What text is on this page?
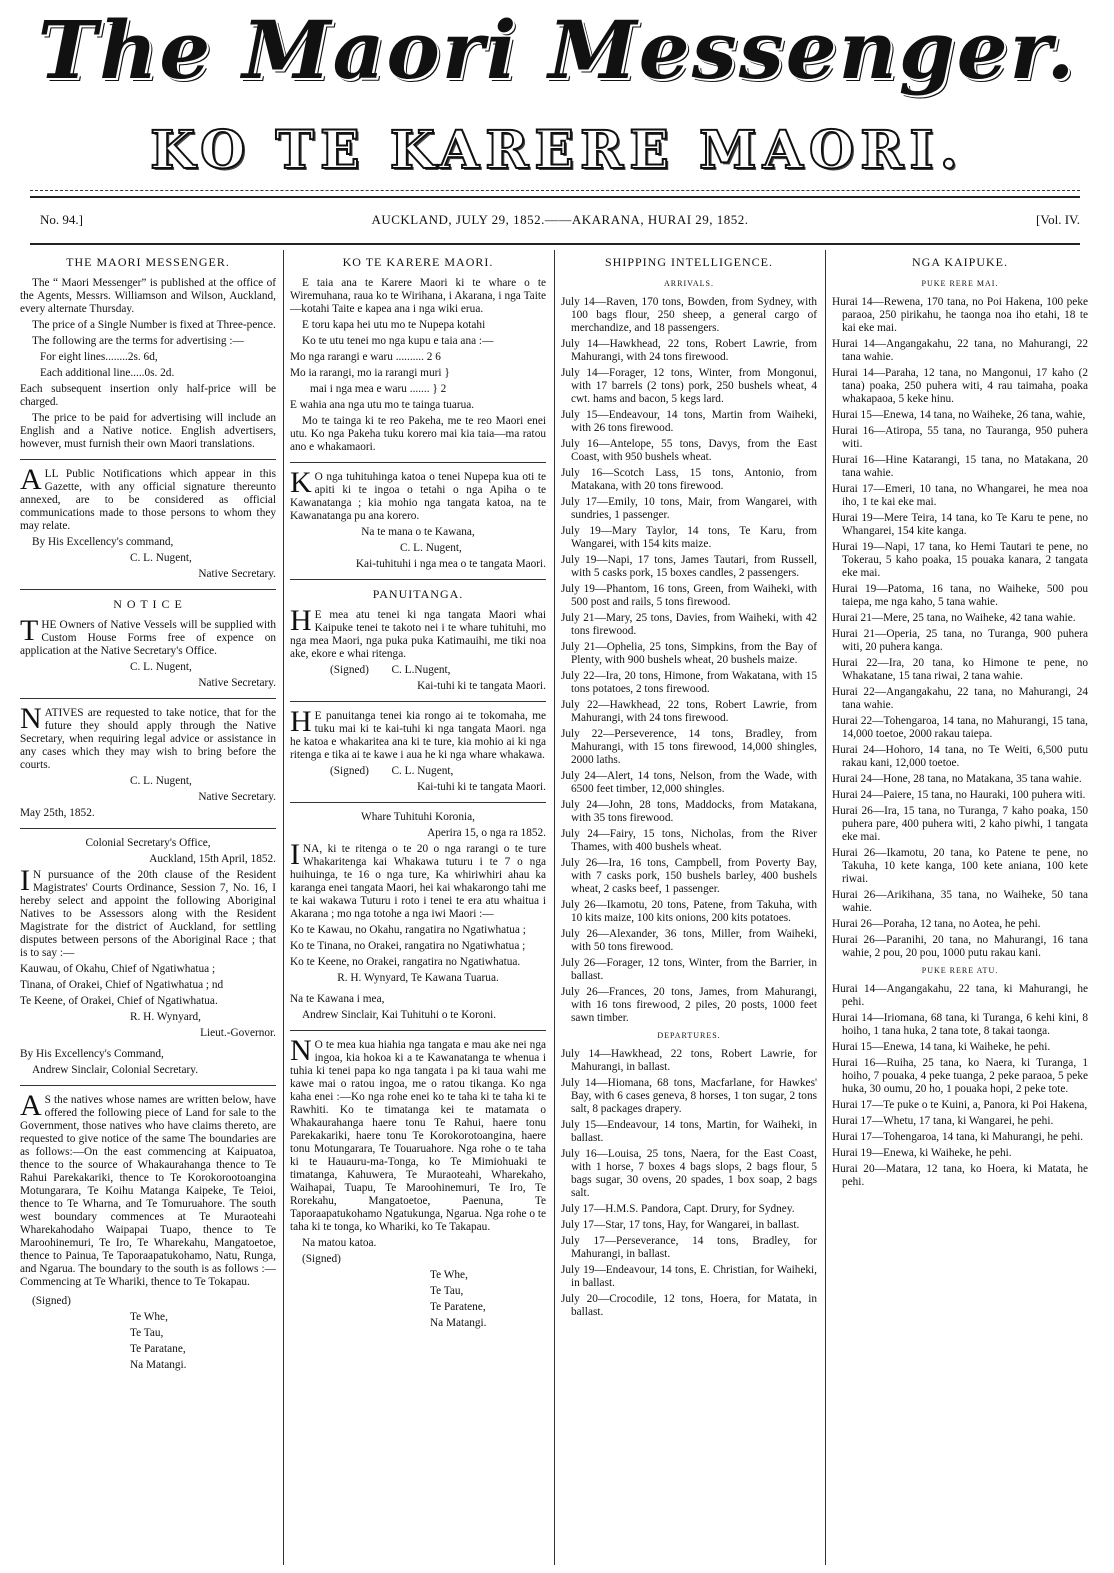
The Maori Messenger.
KO TE KARERE MAORI.
No. 94.]	AUCKLAND, JULY 29, 1852.——AKARANA, HURAI 29, 1852.	[Vol. IV.
THE MAORI MESSENGER.

The “ Maori Messenger” is published at the office of the Agents, Messrs. Williamson and Wilson, Auckland, every alternate Thursday.

The price of a Single Number is fixed at Three-pence.

The following are the terms for advertising :—

For eight lines........2s. 6d,

Each additional line.....0s. 2d.

Each subsequent insertion only half-price will be charged.

The price to be paid for advertising will include an English and a Native notice. English advertisers, however, must furnish their own Maori translations.

ALL Public Notifications which appear in this Gazette, with any official signature thereunto annexed, are to be considered as official communications made to those persons to whom they may relate.

By His Excellency's command,

C. L. Nugent,

Native Secretary.

N O T I C E

THE Owners of Native Vessels will be supplied with Custom House Forms free of expence on application at the Native Secretary's Office.

C. L. Nugent,

Native Secretary.

NATIVES are requested to take notice, that for the future they should apply through the Native Secretary, when requiring legal advice or assistance in any cases which they may wish to bring before the courts.

C. L. Nugent,

Native Secretary.

May 25th, 1852.

Colonial Secretary's Office,

Auckland, 15th April, 1852.

I N pursuance of the 20th clause of the Resident Magistrates' Courts Ordinance, Session 7, No. 16, I hereby select and appoint the following Aboriginal Natives to be Assessors along with the Resident Magistrate for the district of Auckland, for settling disputes between persons of the Aboriginal Race ; that is to say :—

Kauwau, of Okahu, Chief of Ngatiwhatua ;

Tinana, of Orakei, Chief of Ngatiwhatua ; nd

Te Keene, of Orakei, Chief of Ngatiwhatua.

R. H. Wynyard,

Lieut.-Governor.

By His Excellency's Command,

Andrew Sinclair, Colonial Secretary.

A S the natives whose names are written below, have offered the following piece of Land for sale to the Government, those natives who have claims thereto, are requested to give notice of the same The boundaries are as follows:—On the east commencing at Kaipuatoa, thence to the source of Whakaurahanga thence to Te Rahui Parekakariki, thence to Te Korokorootoangina Motungarara, Te Koihu Matanga Kaipeke, Te Teioi, thence to Te Wharna, and Te Tomuruahore. The south west boundary commences at Te Muraoteahi Wharekahodaho Waipapai Tuapo, thence to Te Maroohinemuri, Te Iro, Te Wharekahu, Mangatoetoe, thence to Painua, Te Taporaapatukohamo, Natu, Runga, and Ngarua. The boundary to the south is as follows :—Commencing at Te Whariki, thence to Te Tokapau.

(Signed)

Te Whe,

Te Tau,

Te Paratane,

Na Matangi.

KO TE KARERE MAORI.

E taia ana te Karere Maori ki te whare o te Wiremuhana, raua ko te Wirihana, i Akarana, i nga Taite—kotahi Taite e kapea ana i nga wiki erua.

E toru kapa hei utu mo te Nupepa kotahi

Ko te utu tenei mo nga kupu e taia ana :—

Mo nga rarangi e waru .......... 2 6

Mo ia rarangi, mo ia rarangi muri }

mai i nga mea e waru ....... } 2

E wahia ana nga utu mo te tainga tuarua.

Mo te tainga ki te reo Pakeha, me te reo Maori enei utu. Ko nga Pakeha tuku korero mai kia taia—ma ratou ano e whakamaori.

K O nga tuhituhinga katoa o tenei Nupepa kua oti te apiti ki te ingoa o tetahi o nga Apiha o te Kawanatanga ; kia mohio nga tangata katoa, na te Kawanatanga pu ana korero.

Na te mana o te Kawana,

C. L. Nugent,

Kai-tuhituhi i nga mea o te tangata Maori.

PANUITANGA.

H E mea atu tenei ki nga tangata Maori whai Kaipuke tenei te takoto nei i te whare tuhituhi, mo nga mea Maori, nga puka puka Katimauihi, me tiki noa ake, ekore e whai ritenga.

(Signed) C. L.Nugent,

Kai-tuhi ki te tangata Maori.

H E panuitanga tenei kia rongo ai te tokomaha, me tuku mai ki te kai-tuhi ki nga tangata Maori. nga he katoa e whakaritea ana ki te ture, kia mohio ai ki nga ritenga e tika ai te kawe i aua he ki nga whare whakawa.

(Signed) C. L. Nugent,

Kai-tuhi ki te tangata Maori.

Whare Tuhituhi Koronia,

Aperira 15, o nga ra 1852.

INA, ki te ritenga o te 20 o nga rarangi o te ture Whakaritenga kai Whakawa tuturu i te 7 o nga huihuinga, te 16 o nga ture, Ka whiriwhiri ahau ka karanga enei tangata Maori, hei kai whakarongo tahi me te kai wakawa Tuturu i roto i tenei te era atu whaitua i Akarana ; mo nga totohe a nga iwi Maori :—

Ko te Kawau, no Okahu, rangatira no Ngatiwhatua ;

Ko te Tinana, no Orakei, rangatira no Ngatiwhatua ;

Ko te Keene, no Orakei, rangatira no Ngatiwhatua.

R. H. Wynyard, Te Kawana Tuarua.

Na te Kawana i mea,

Andrew Sinclair, Kai Tuhituhi o te Koroni.

N O te mea kua hiahia nga tangata e mau ake nei nga ingoa, kia hokoa ki a te Kawanatanga te whenua i tuhia ki tenei papa ko nga tangata i pa ki taua wahi me kawe mai o ratou ingoa, me o ratou tikanga. Ko nga kaha enei :—Ko nga rohe enei ko te taha ki te taha ki te Rawhiti. Ko te timatanga kei te matamata o Whakaurahanga haere tonu Te Rahui, haere tonu Parekakariki, haere tonu Te Korokorotoangina, haere tonu Motungarara, Te Touaruahore. Nga rohe o te taha ki te Hauauru-ma-Tonga, ko Te Mimiohuaki te timatanga, Kahuwera, Te Muraoteahi, Wharekaho, Waihapai, Tuapu, Te Maroohinemuri, Te Iro, Te Rorekahu, Mangatoetoe, Paenuna, Te Taporaapatukohamo Ngatukunga, Ngarua. Nga rohe o te taha ki te tonga, ko Whariki, ko Te Takapau.

Na matou katoa.

(Signed)

Te Whe,

Te Tau,

Te Paratene,

Na Matangi.

SHIPPING INTELLIGENCE.
ARRIVALS.

July 14—Raven, 170 tons, Bowden, from Sydney, with 100 bags flour, 250 sheep, a general cargo of merchandize, and 18 passengers.

July 14—Hawkhead, 22 tons, Robert Lawrie, from Mahurangi, with 24 tons firewood.

July 14—Forager, 12 tons, Winter, from Mongonui, with 17 barrels (2 tons) pork, 250 bushels wheat, 4 cwt. hams and bacon, 5 kegs lard.

July 15—Endeavour, 14 tons, Martin from Waiheki, with 26 tons firewood.

July 16—Antelope, 55 tons, Davys, from the East Coast, with 950 bushels wheat.

July 16—Scotch Lass, 15 tons, Antonio, from Matakana, with 20 tons firewood.

July 17—Emily, 10 tons, Mair, from Wangarei, with sundries, 1 passenger.

July 19—Mary Taylor, 14 tons, Te Karu, from Wangarei, with 154 kits maize.

July 19—Napi, 17 tons, James Tautari, from Russell, with 5 casks pork, 15 boxes candles, 2 passengers.

July 19—Phantom, 16 tons, Green, from Waiheki, with 500 post and rails, 5 tons firewood.

July 21—Mary, 25 tons, Davies, from Waiheki, with 42 tons firewood.

July 21—Ophelia, 25 tons, Simpkins, from the Bay of Plenty, with 900 bushels wheat, 20 bushels maize.

July 22—Ira, 20 tons, Himone, from Wakatana, with 15 tons potatoes, 2 tons firewood.

July 22—Hawkhead, 22 tons, Robert Lawrie, from Mahurangi, with 24 tons firewood.

July 22—Perseverence, 14 tons, Bradley, from Mahurangi, with 15 tons firewood, 14,000 shingles, 2000 laths.

July 24—Alert, 14 tons, Nelson, from the Wade, with 6500 feet timber, 12,000 shingles.

July 24—John, 28 tons, Maddocks, from Matakana, with 35 tons firewood.

July 24—Fairy, 15 tons, Nicholas, from the River Thames, with 400 bushels wheat.

July 26—Ira, 16 tons, Campbell, from Poverty Bay, with 7 casks pork, 150 bushels barley, 400 bushels wheat, 2 casks beef, 1 passenger.

July 26—Ikamotu, 20 tons, Patene, from Takuha, with 10 kits maize, 100 kits onions, 200 kits potatoes.

July 26—Alexander, 36 tons, Miller, from Waiheki, with 50 tons firewood.

July 26—Forager, 12 tons, Winter, from the Barrier, in ballast.

July 26—Frances, 20 tons, James, from Mahurangi, with 16 tons firewood, 2 piles, 20 posts, 1000 feet sawn timber.

DEPARTURES.

July 14—Hawkhead, 22 tons, Robert Lawrie, for Mahurangi, in ballast.

July 14—Hiomana, 68 tons, Macfarlane, for Hawkes' Bay, with 6 cases geneva, 8 horses, 1 ton sugar, 2 tons salt, 8 packages drapery.

July 15—Endeavour, 14 tons, Martin, for Waiheki, in ballast.

July 16—Louisa, 25 tons, Naera, for the East Coast, with 1 horse, 7 boxes 4 bags slops, 2 bags flour, 5 bags sugar, 30 ovens, 20 spades, 1 box soap, 2 bags salt.

July 17—H.M.S. Pandora, Capt. Drury, for Sydney.

July 17—Star, 17 tons, Hay, for Wangarei, in ballast.

July 17—Perseverance, 14 tons, Bradley, for Mahurangi, in ballast.

July 19—Endeavour, 14 tons, E. Christian, for Waiheki, in ballast.

July 20—Crocodile, 12 tons, Hoera, for Matata, in ballast.

NGA KAIPUKE.
PUKE RERE MAI.

Hurai 14—Rewena, 170 tana, no Poi Hakena, 100 peke paraoa, 250 pirikahu, he taonga noa iho etahi, 18 te kai eke mai.

Hurai 14—Angangakahu, 22 tana, no Mahurangi, 22 tana wahie.

Hurai 14—Paraha, 12 tana, no Mangonui, 17 kaho (2 tana) poaka, 250 puhera witi, 4 rau taimaha, poaka whakapaoa, 5 keke hinu.

Hurai 15—Enewa, 14 tana, no Waiheke, 26 tana, wahie,

Hurai 16—Atiropa, 55 tana, no Tauranga, 950 puhera witi.

Hurai 16—Hine Katarangi, 15 tana, no Matakana, 20 tana wahie.

Hurai 17—Emeri, 10 tana, no Whangarei, he mea noa iho, 1 te kai eke mai.

Hurai 19—Mere Teira, 14 tana, ko Te Karu te pene, no Whangarei, 154 kite kanga.

Hurai 19—Napi, 17 tana, ko Hemi Tautari te pene, no Tokerau, 5 kaho poaka, 15 pouaka kanara, 2 tangata eke mai.

Hurai 19—Patoma, 16 tana, no Waiheke, 500 pou taiepa, me nga kaho, 5 tana wahie.

Hurai 21—Mere, 25 tana, no Waiheke, 42 tana wahie.

Hurai 21—Operia, 25 tana, no Turanga, 900 puhera witi, 20 puhera kanga.

Hurai 22—Ira, 20 tana, ko Himone te pene, no Whakatane, 15 tana riwai, 2 tana wahie.

Hurai 22—Angangakahu, 22 tana, no Mahurangi, 24 tana wahie.

Hurai 22—Tohengaroa, 14 tana, no Mahurangi, 15 tana, 14,000 toetoe, 2000 rakau taiepa.

Hurai 24—Hohoro, 14 tana, no Te Weiti, 6,500 putu rakau kani, 12,000 toetoe.

Hurai 24—Hone, 28 tana, no Matakana, 35 tana wahie.

Hurai 24—Paiere, 15 tana, no Hauraki, 100 puhera witi.

Hurai 26—Ira, 15 tana, no Turanga, 7 kaho poaka, 150 puhera pare, 400 puhera witi, 2 kaho piwhi, 1 tangata eke mai.

Hurai 26—Ikamotu, 20 tana, ko Patene te pene, no Takuha, 10 kete kanga, 100 kete aniana, 100 kete riwai.

Hurai 26—Arikihana, 35 tana, no Waiheke, 50 tana wahie.

Hurai 26—Poraha, 12 tana, no Aotea, he pehi.

Hurai 26—Paranihi, 20 tana, no Mahurangi, 16 tana wahie, 2 pou, 20 pou, 1000 putu rakau kani.

PUKE RERE ATU.

Hurai 14—Angangakahu, 22 tana, ki Mahurangi, he pehi.

Hurai 14—Iriomana, 68 tana, ki Turanga, 6 kehi kini, 8 hoiho, 1 tana huka, 2 tana tote, 8 takai taonga.

Hurai 15—Enewa, 14 tana, ki Waiheke, he pehi.

Hurai 16—Ruiha, 25 tana, ko Naera, ki Turanga, 1 hoiho, 7 pouaka, 4 peke tuanga, 2 peke paraoa, 5 peke huka, 30 oumu, 20 ho, 1 pouaka hopi, 2 peke tote.

Hurai 17—Te puke o te Kuini, a, Panora, ki Poi Hakena,

Hurai 17—Whetu, 17 tana, ki Wangarei, he pehi.

Hurai 17—Tohengaroa, 14 tana, ki Mahurangi, he pehi.

Hurai 19—Enewa, ki Waiheke, he pehi.

Hurai 20—Matara, 12 tana, ko Hoera, ki Matata, he pehi.
